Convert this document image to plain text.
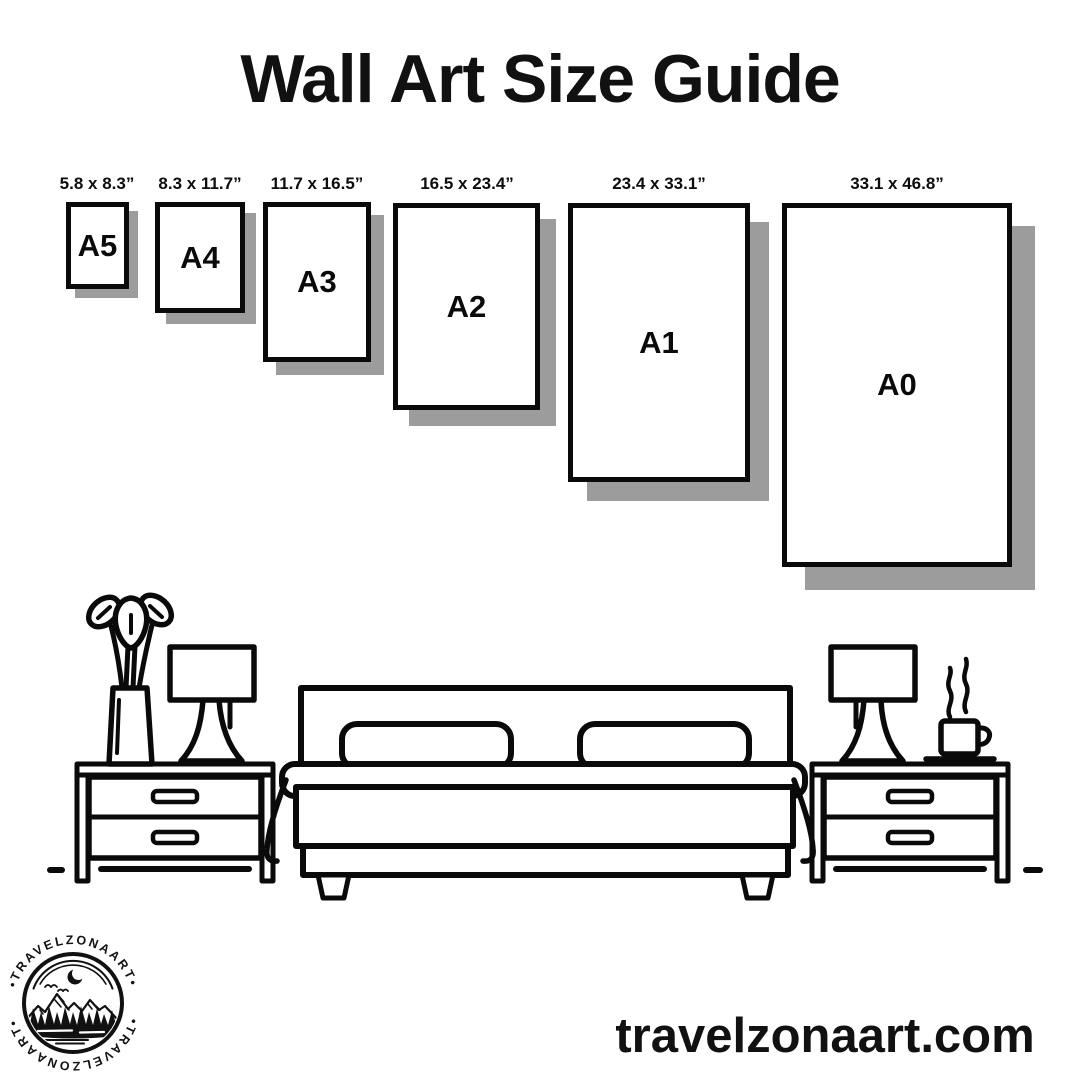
Wall Art Size Guide
5.8 x 8.3”
A5
8.3 x 11.7”
A4
11.7 x 16.5”
A3
16.5 x 23.4”
A2
23.4 x 33.1”
A1
33.1 x 46.8”
A0
•TRAVELZONAART•
•TRAVELZONAART•	travelzonaart.com
